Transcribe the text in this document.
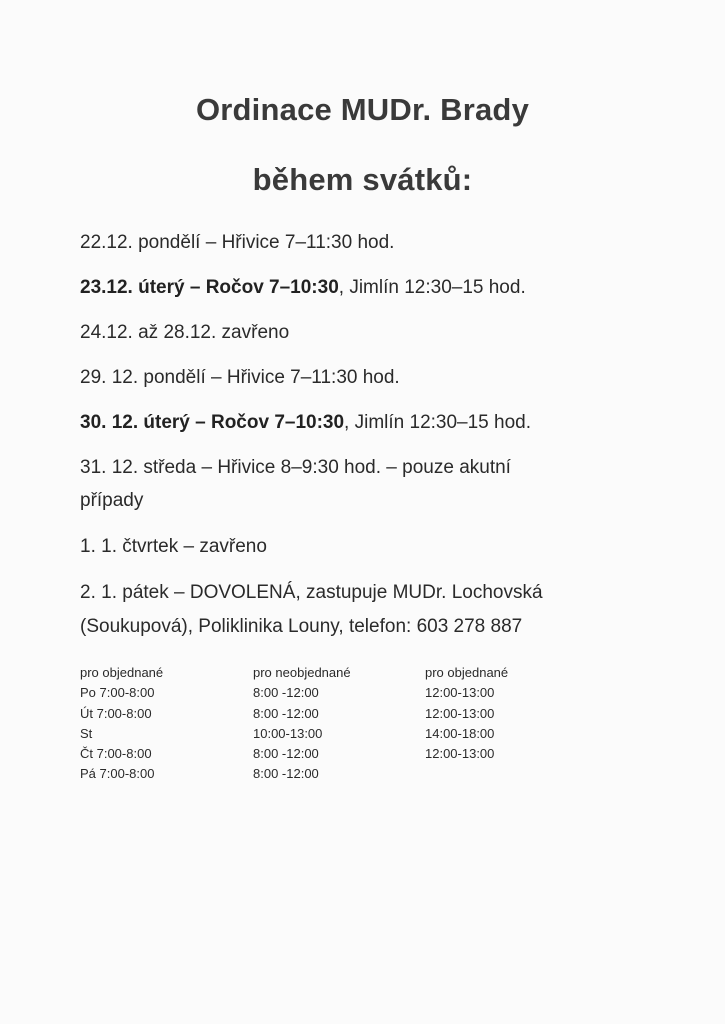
Ordinace MUDr. Brady
během svátků:
22.12. pondělí – Hřivice 7–11:30 hod.
23.12. úterý – Ročov 7–10:30, Jimlín 12:30–15 hod.
24.12. až 28.12. zavřeno
29. 12. pondělí – Hřivice 7–11:30 hod.
30. 12. úterý – Ročov 7–10:30, Jimlín 12:30–15 hod.
31. 12. středa – Hřivice 8–9:30 hod. – pouze akutní
případy
1. 1. čtvrtek – zavřeno
2. 1. pátek – DOVOLENÁ, zastupuje MUDr. Lochovská
(Soukupová), Poliklinika Louny, telefon: 603 278 887
pro objednané
Po 7:00-8:00
Út 7:00-8:00
St
Čt 7:00-8:00
Pá 7:00-8:00
pro neobjednané
8:00 -12:00
8:00 -12:00
10:00-13:00
8:00 -12:00
8:00 -12:00
pro objednané
12:00-13:00
12:00-13:00
14:00-18:00
12:00-13:00
